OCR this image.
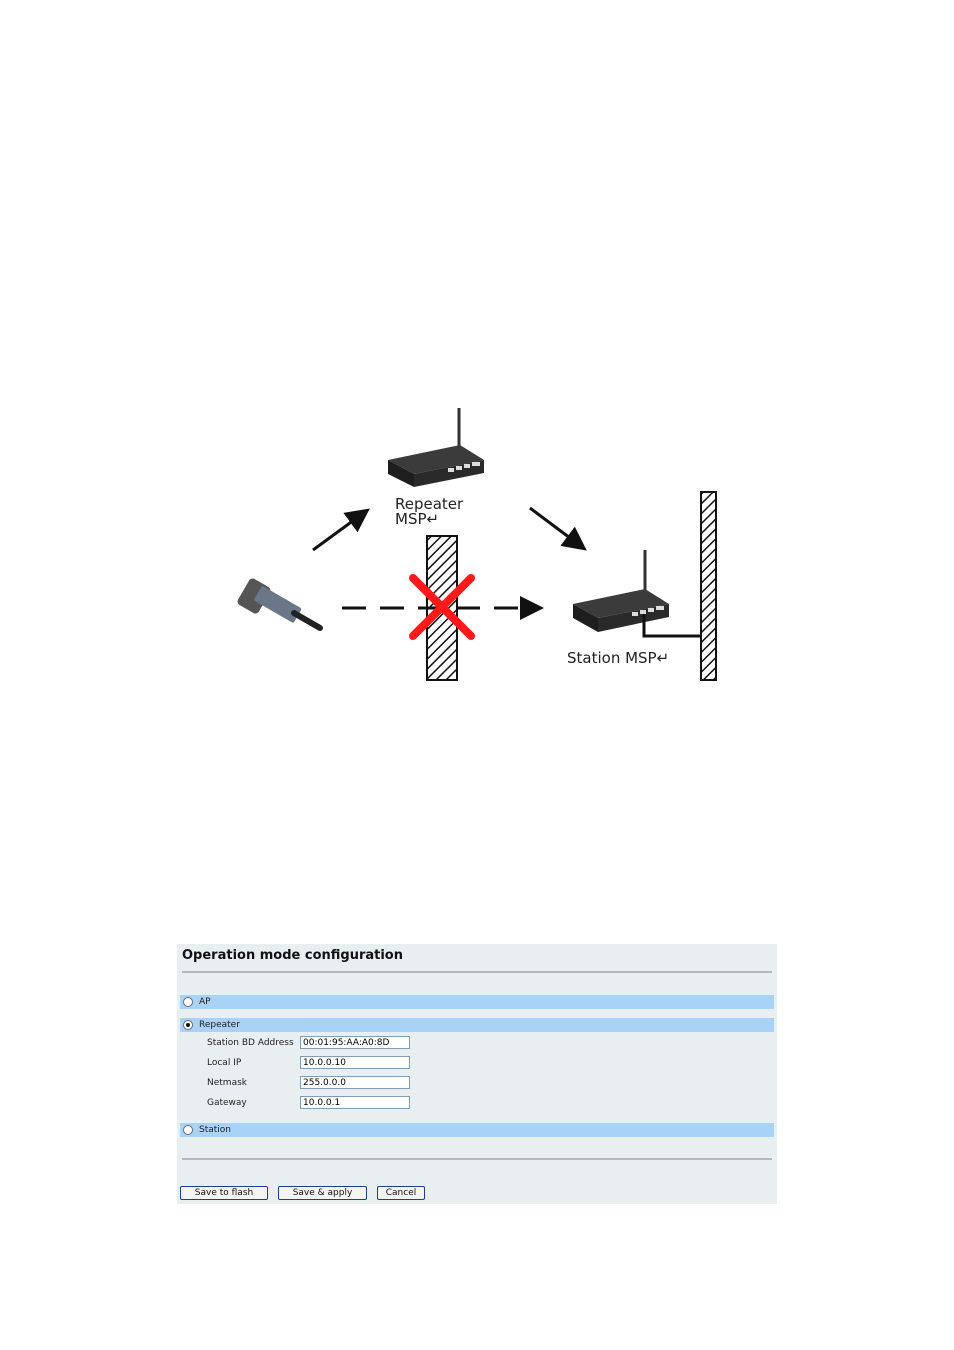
Repeater
MSP↵
Station MSP↵
Operation mode configuration
AP
Repeater
Station BD Address
00:01:95:AA:A0:8D
Local IP
10.0.0.10
Netmask
255.0.0.0
Gateway
10.0.0.1
Station
Save to flash	Save & apply	Cancel
